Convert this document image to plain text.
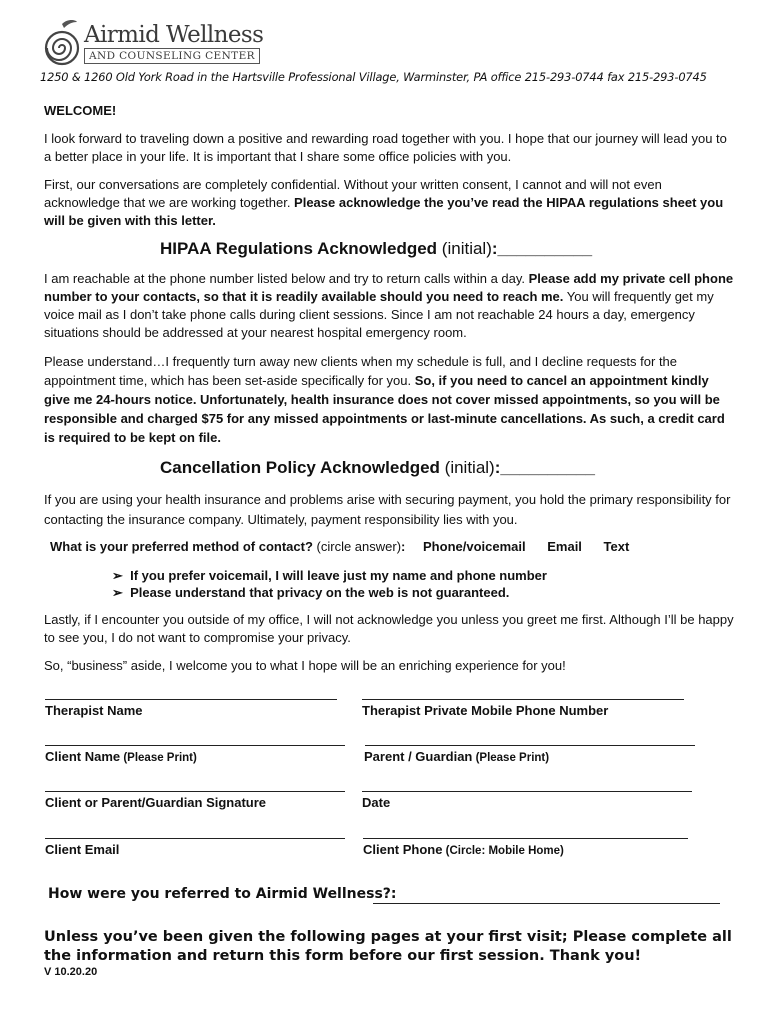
Airmid Wellness
AND COUNSELING CENTER
1250 & 1260 Old York Road in the Hartsville Professional Village, Warminster, PA office 215-293-0744 fax 215-293-0745
WELCOME!
I look forward to traveling down a positive and rewarding road together with you. I hope that our journey will lead you to a better place in your life. It is important that I share some office policies with you.
First, our conversations are completely confidential. Without your written consent, I cannot and will not even acknowledge that we are working together. Please acknowledge the you’ve read the HIPAA regulations sheet you will be given with this letter.
HIPAA Regulations Acknowledged (initial):__________
I am reachable at the phone number listed below and try to return calls within a day. Please add my private cell phone number to your contacts, so that it is readily available should you need to reach me. You will frequently get my voice mail as I don’t take phone calls during client sessions. Since I am not reachable 24 hours a day, emergency situations should be addressed at your nearest hospital emergency room.
Please understand…I frequently turn away new clients when my schedule is full, and I decline requests for the appointment time, which has been set-aside specifically for you. So, if you need to cancel an appointment kindly give me 24-hours notice. Unfortunately, health insurance does not cover missed appointments, so you will be responsible and charged $75 for any missed appointments or last-minute cancellations. As such, a credit card is required to be kept on file.
Cancellation Policy Acknowledged (initial):__________
If you are using your health insurance and problems arise with securing payment, you hold the primary responsibility for contacting the insurance company. Ultimately, payment responsibility lies with you.
What is your preferred method of contact? (circle answer): Phone/voicemail Email Text
➢  If you prefer voicemail, I will leave just my name and phone number
➢  Please understand that privacy on the web is not guaranteed.
Lastly, if I encounter you outside of my office, I will not acknowledge you unless you greet me first. Although I’ll be happy to see you, I do not want to compromise your privacy.
So, “business” aside, I welcome you to what I hope will be an enriching experience for you!
Therapist Name	Therapist Private Mobile Phone Number
Client Name (Please Print)	Parent / Guardian (Please Print)
Client or Parent/Guardian Signature	Date
Client Email	Client Phone (Circle: Mobile Home)
How were you referred to Airmid Wellness?:
Unless you’ve been given the following pages at your first visit; Please complete all the information and return this form before our first session. Thank you!
V 10.20.20
